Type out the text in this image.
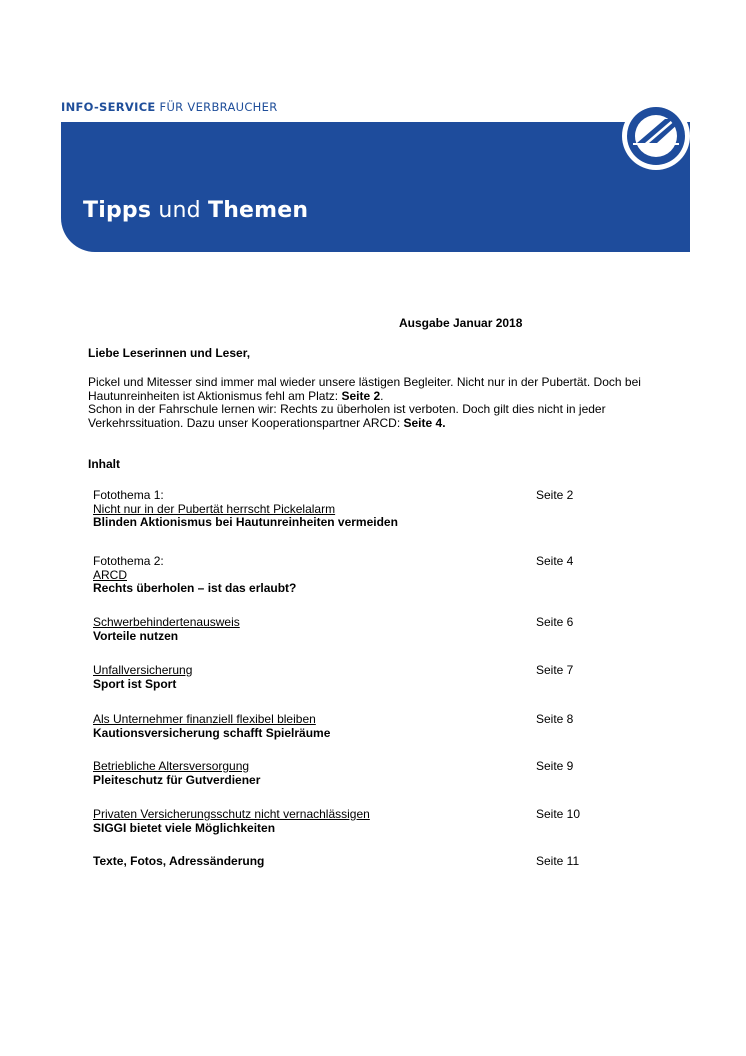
INFO-SERVICE FÜR VERBRAUCHER
Tipps und Themen
Ausgabe Januar 2018
Liebe Leserinnen und Leser,

Pickel und Mitesser sind immer mal wieder unsere lästigen Begleiter. Nicht nur in der Pubertät. Doch bei Hautunreinheiten ist Aktionismus fehl am Platz: Seite 2.

Schon in der Fahrschule lernen wir: Rechts zu überholen ist verboten. Doch gilt dies nicht in jeder Verkehrssituation. Dazu unser Kooperationspartner ARCD: Seite 4.

Inhalt
Fotothema 1:
Nicht nur in der Pubertät herrscht Pickelalarm
Blinden Aktionismus bei Hautunreinheiten vermeiden
Seite 2
Fotothema 2:
ARCD
Rechts überholen – ist das erlaubt?
Seite 4
Schwerbehindertenausweis
Vorteile nutzen
Seite 6
Unfallversicherung
Sport ist Sport
Seite 7
Als Unternehmer finanziell flexibel bleiben
Kautionsversicherung schafft Spielräume
Seite 8
Betriebliche Altersversorgung
Pleiteschutz für Gutverdiener
Seite 9
Privaten Versicherungsschutz nicht vernachlässigen
SIGGI bietet viele Möglichkeiten
Seite 10
Texte, Fotos, Adressänderung	Seite 11
